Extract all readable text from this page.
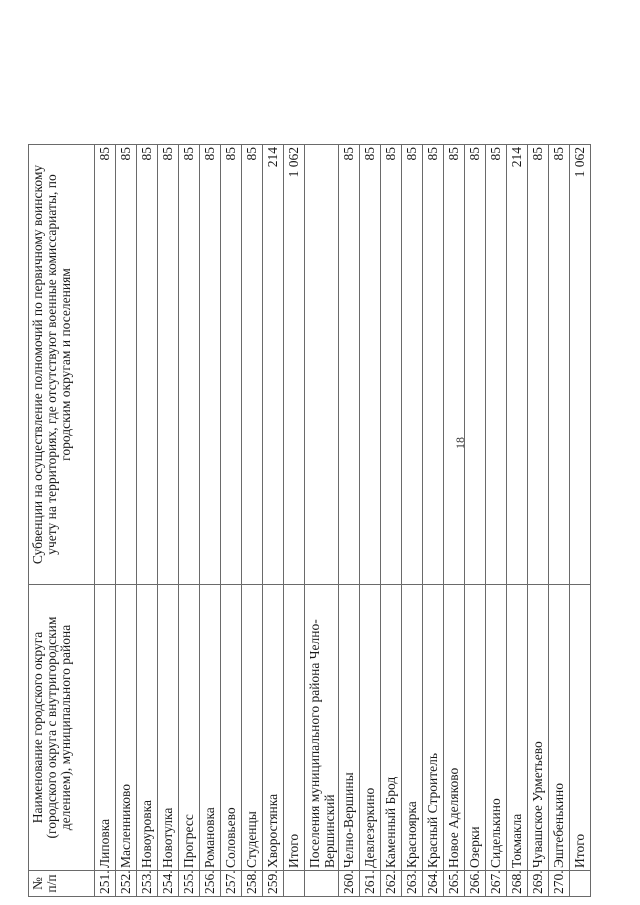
18
№ п/п	Наименование городского округа (городского округа с внутригородским делением), муниципального района	Субвенции на осуществление полномочий по первичному воинскому учету на территориях, где отсутствуют военные комиссариаты, по городским округам и поселениям
251.	Липовка	85
252.	Масленниково	85
253.	Новоуровка	85
254.	Новотулка	85
255.	Прогресс	85
256.	Романовка	85
257.	Соловьево	85
258.	Студенцы	85
259.	Хворостянка	214
	Итого	1 062
	Поселения муниципального района Челно-Вершинский	
260.	Челно-Вершины	85
261.	Девлезеркино	85
262.	Каменный Брод	85
263.	Красноярка	85
264.	Красный Строитель	85
265.	Новое Аделяково	85
266.	Озерки	85
267.	Сиделькино	85
268.	Токмакла	214
269.	Чувашское Урметьево	85
270.	Эштебенькино	85
	Итого	1 062
